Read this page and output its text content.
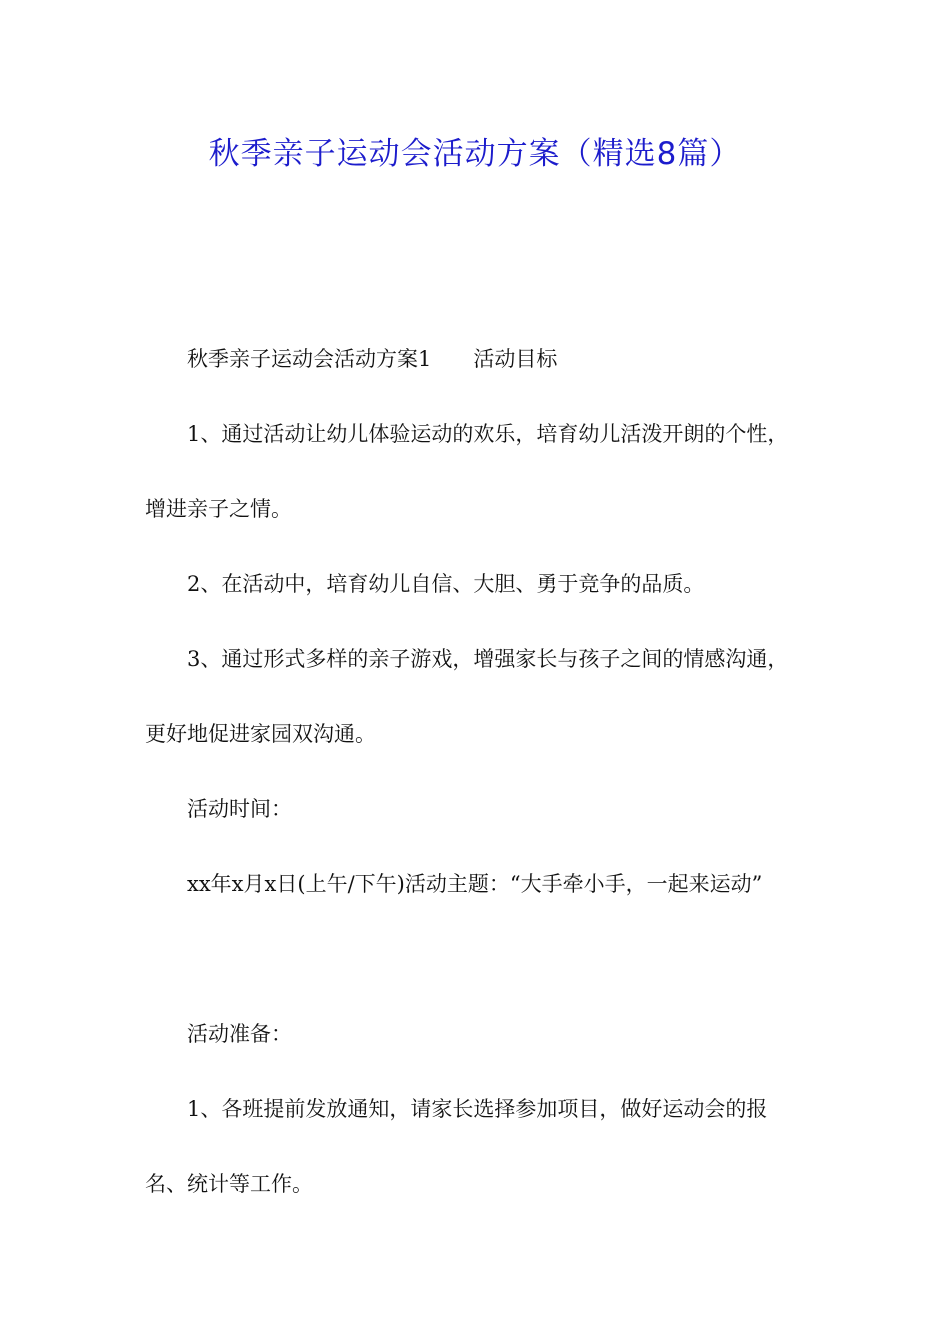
秋季亲子运动会活动方案（精选8篇）

秋季亲子运动会活动方案1　　活动目标

1、通过活动让幼儿体验运动的欢乐，培育幼儿活泼开朗的个性，增进亲子之情。

2、在活动中，培育幼儿自信、大胆、勇于竞争的品质。

3、通过形式多样的亲子游戏，增强家长与孩子之间的情感沟通，更好地促进家园双沟通。

活动时间：

xx年x月x日(上午/下午)活动主题：“大手牵小手，一起来运动”

活动准备：

1、各班提前发放通知，请家长选择参加项目，做好运动会的报名、统计等工作。
